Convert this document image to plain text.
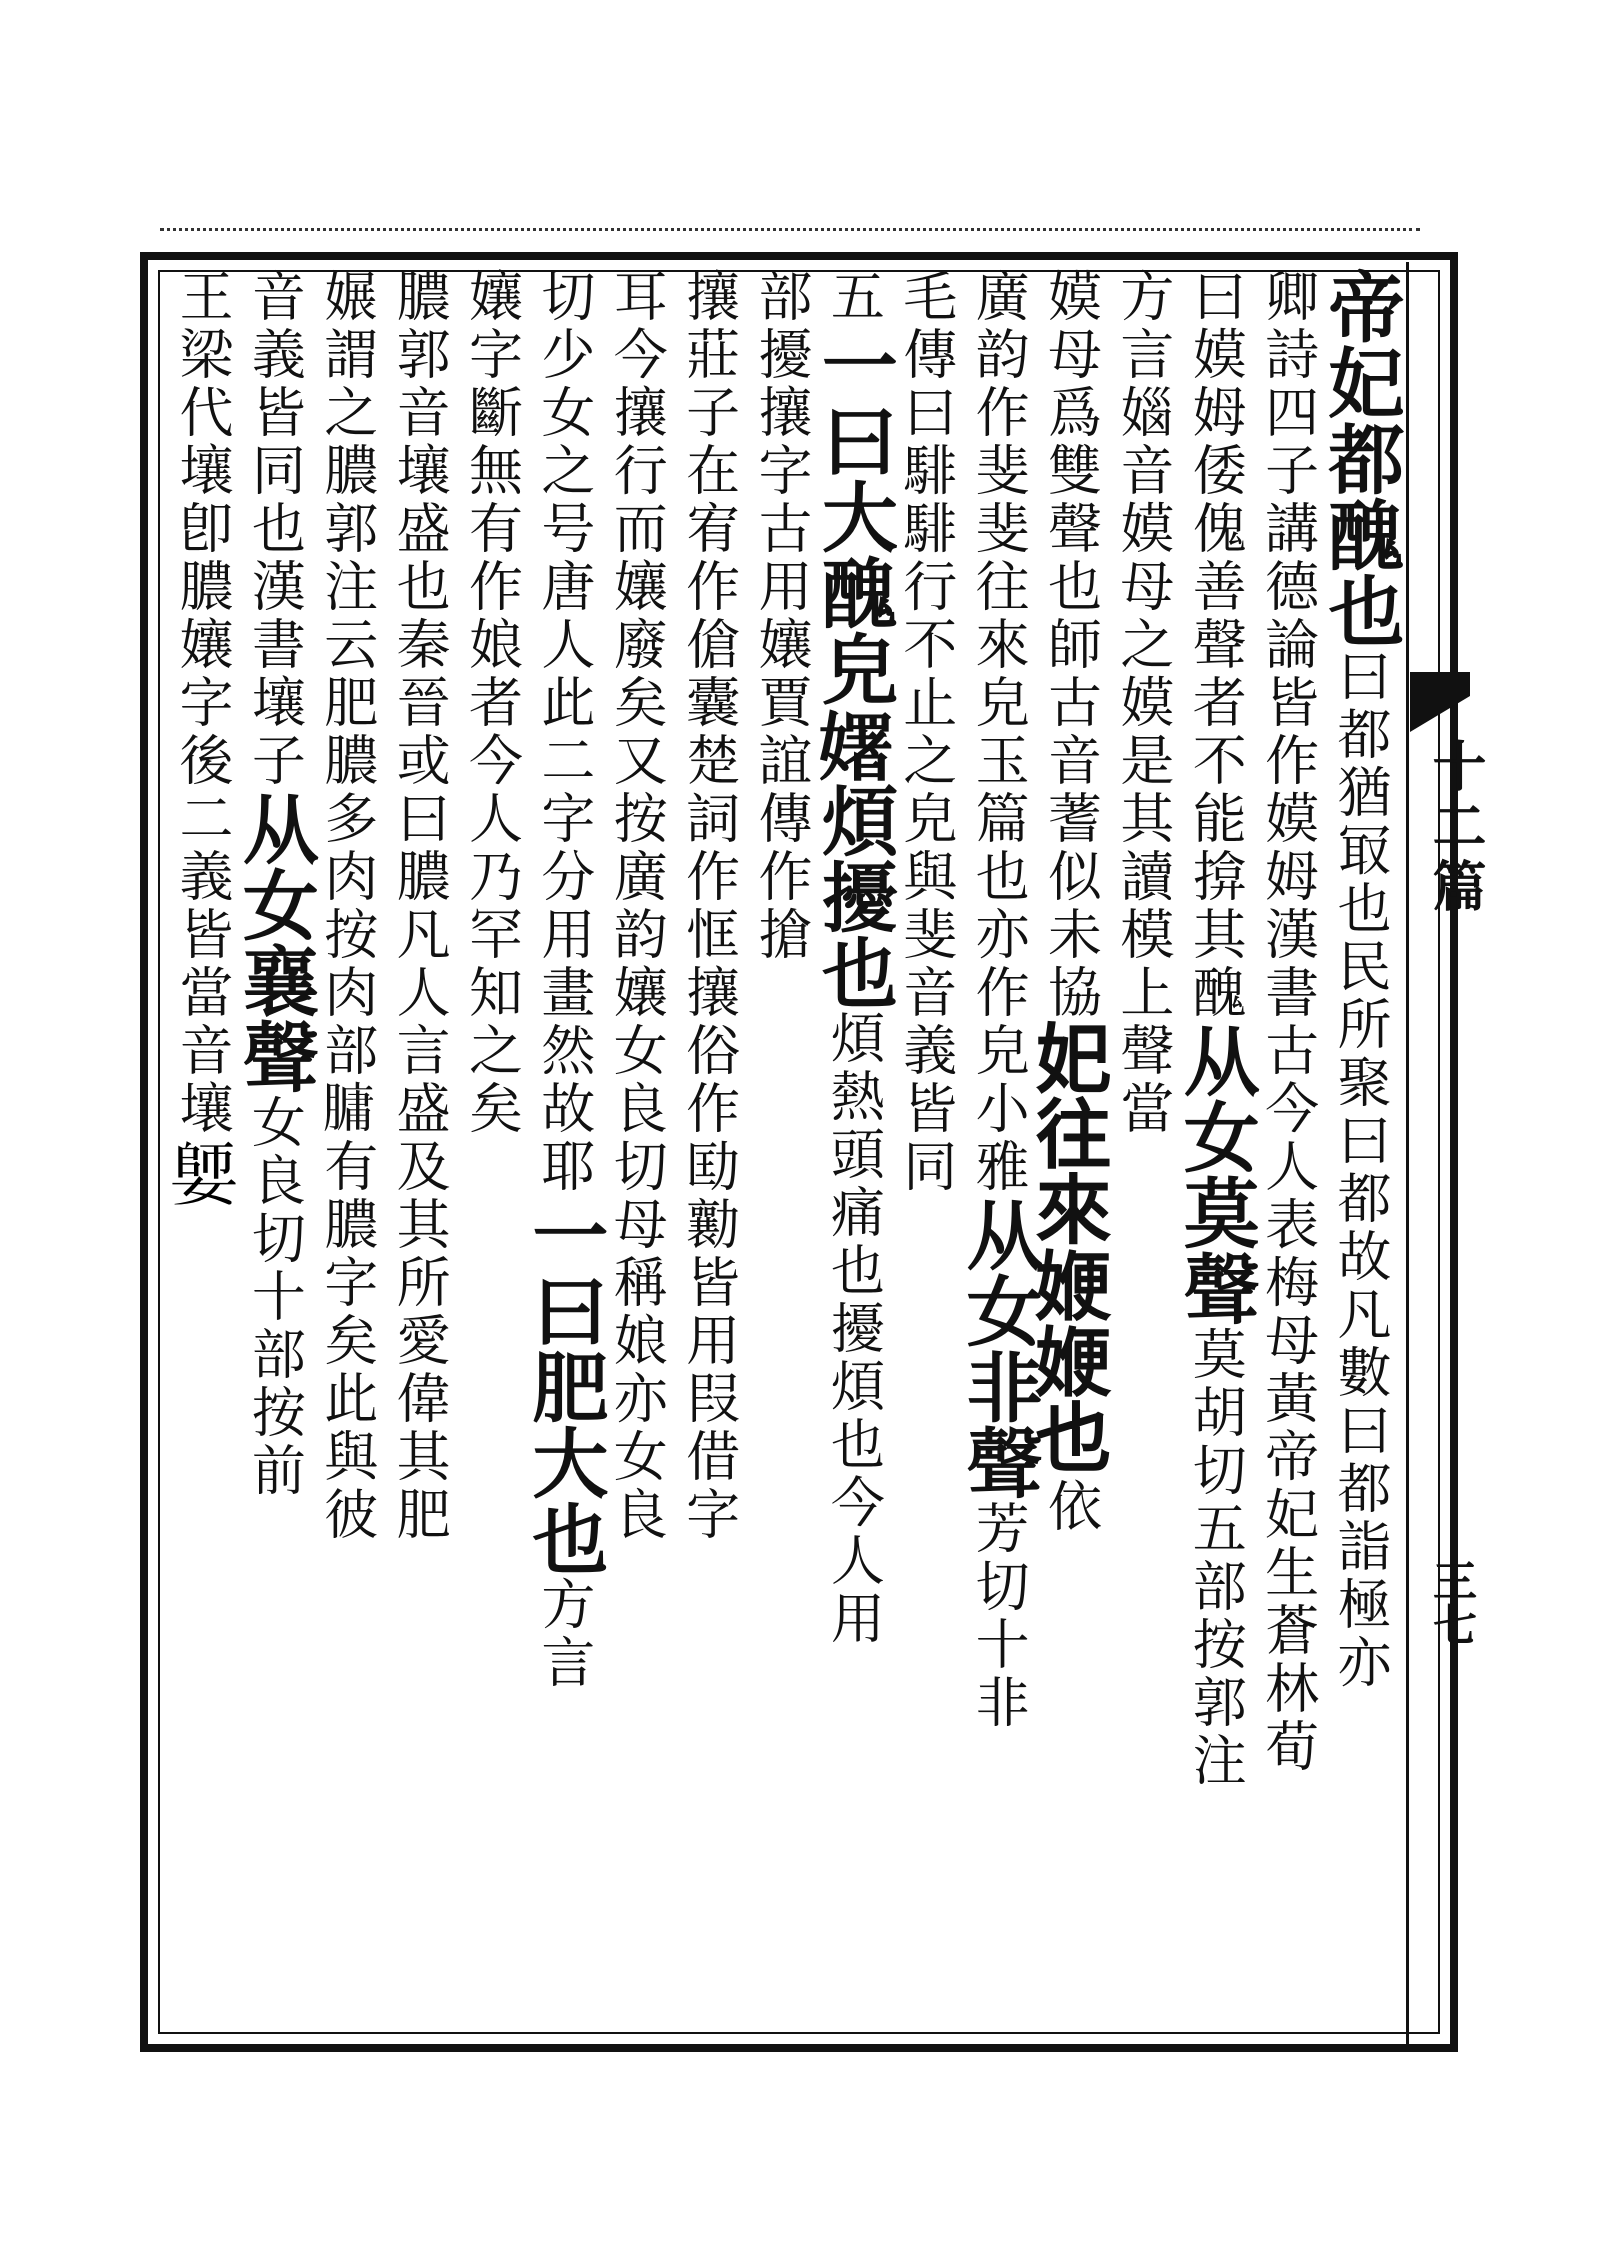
帝妃都醜也曰都猶冣也民所聚曰都故凡數曰都詣極亦
卿詩四子講德論皆作嫫姆漢書古今人表梅母黃帝妃生蒼林荀
曰嫫姆倭傀善聲者不能揜其醜从女莫聲莫胡切五部按郭注
方言㛴音嫫母之嫫是其讀模上聲當
嫫母爲雙聲也師古音蓍似未協𡚱往來㛹㛹也依
廣韵作斐斐往來皃玉篇也亦作皃小雅从女非聲芳切十非
毛傳曰騑騑行不止之皃與斐音義皆同
五一曰大醜皃𡣈煩擾也煩熱頭痛也擾煩也今人用
部擾攘字古用孃賈誼傳作搶
攘莊子在宥作傖囊楚詞作恇攘俗作劻勷皆用叚借字
耳今攘行而孃廢矣又按廣韵孃女良切母稱娘亦女良
切少女之号唐人此二字分用畫然故耶一曰肥大也方言
孃字斷無有作娘者今人乃罕知之矣
膿郭音壤盛也秦晉或曰膿凡人言盛及其所愛偉其肥
㜊謂之膿郭注云肥膿多肉按肉部𦟛有膿字矣此與彼
音義皆同也漢書壤子从女襄聲女良切十部按前
王梁代壤卽膿孃字後二義皆當音壤𡠋
十二篇
三七
